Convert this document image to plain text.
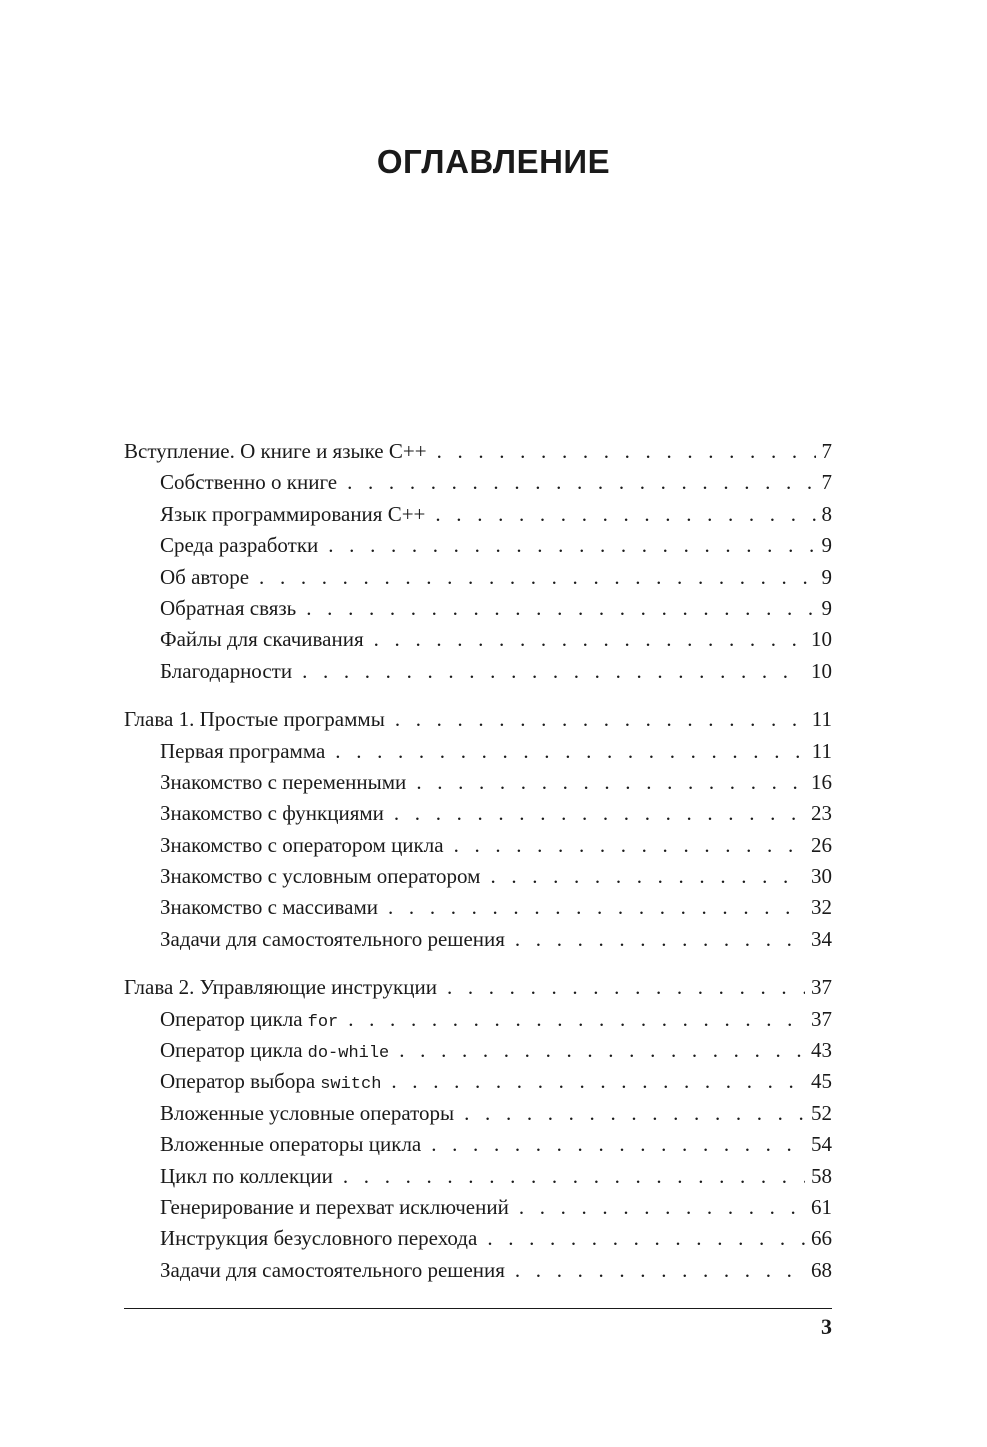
ОГЛАВЛЕНИЕ
Вступление. О книге и языке С++ . . .	7
Собственно о книге . . .	7
Язык программирования С++ . . .	8
Среда разработки . . .	9
Об авторе . . .	9
Обратная связь . . .	9
Файлы для скачивания . . .	10
Благодарности . . .	10
Глава 1. Простые программы . . .	11
Первая программа . . .	11
Знакомство с переменными . . .	16
Знакомство с функциями . . .	23
Знакомство с оператором цикла . . .	26
Знакомство с условным оператором . . .	30
Знакомство с массивами . . .	32
Задачи для самостоятельного решения . . .	34
Глава 2. Управляющие инструкции . . .	37
Оператор цикла for . . .	37
Оператор цикла do-while . . .	43
Оператор выбора switch . . .	45
Вложенные условные операторы . . .	52
Вложенные операторы цикла . . .	54
Цикл по коллекции . . .	58
Генерирование и перехват исключений . . .	61
Инструкция безусловного перехода . . .	66
Задачи для самостоятельного решения . . .	68
3
